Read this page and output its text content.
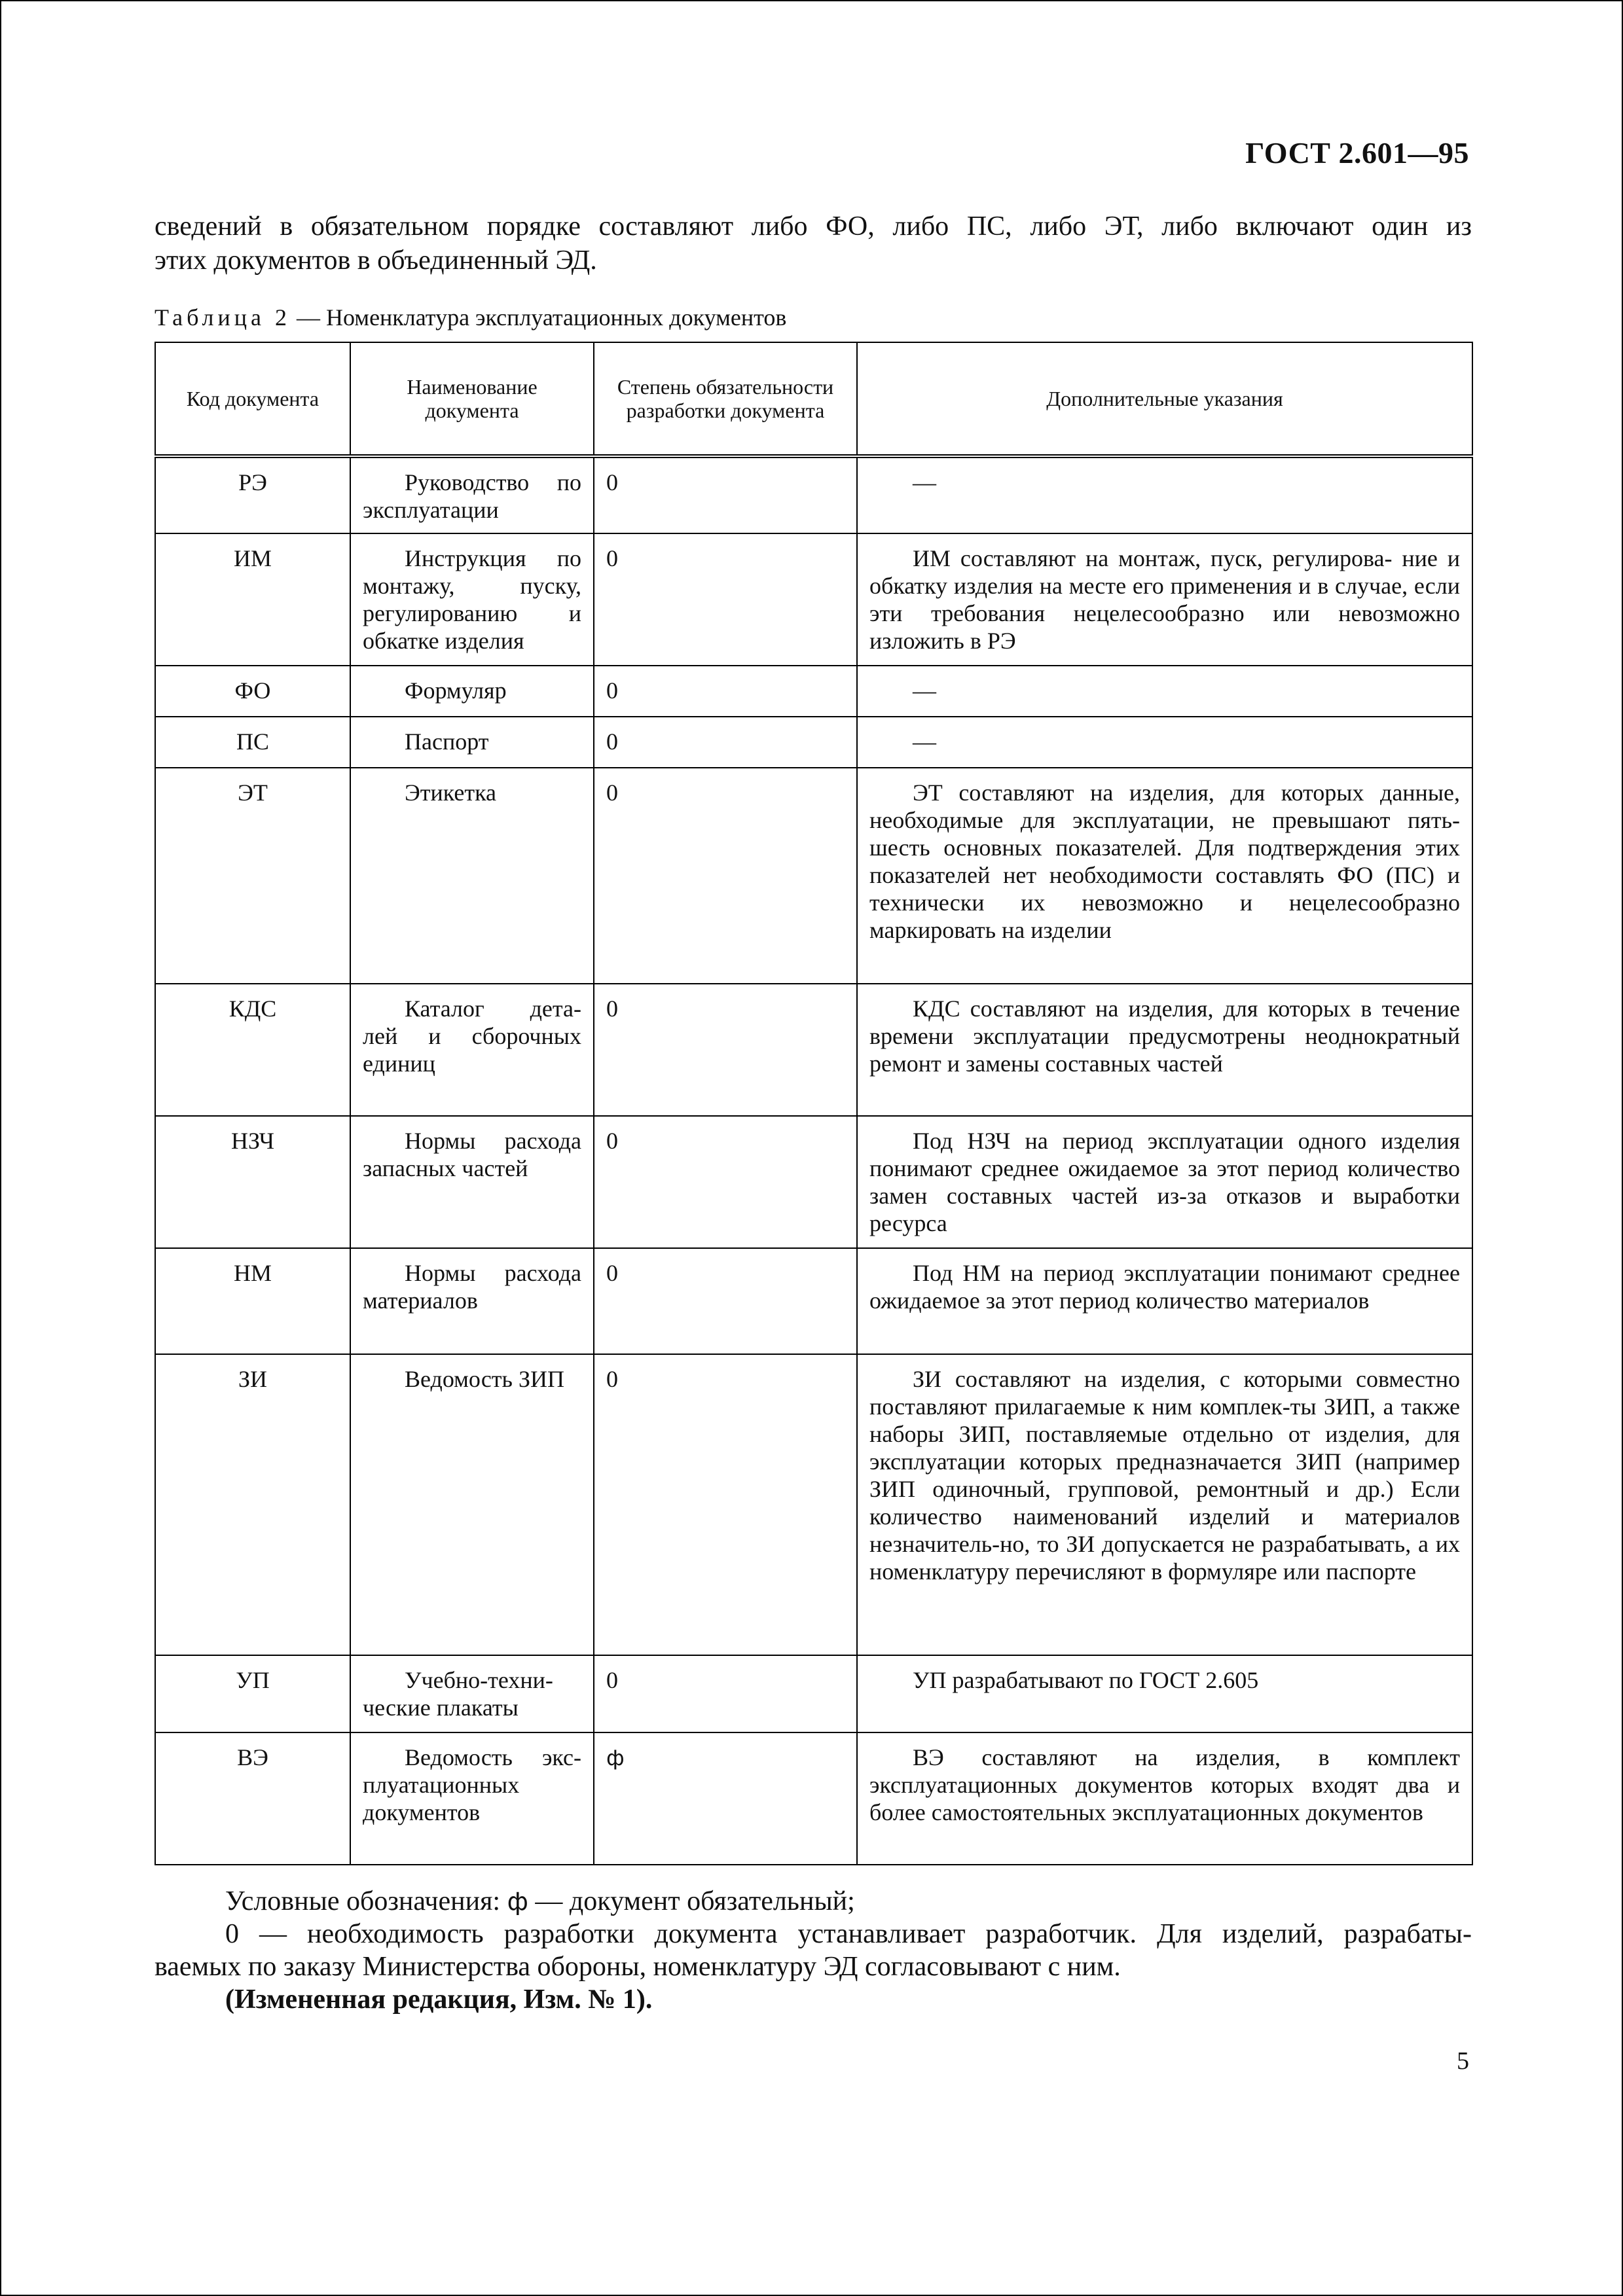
ГОСТ 2.601—95
сведений в обязательном порядке составляют либо ФО, либо ПС, либо ЭТ, либо включают один из
этих документов в объединенный ЭД.
Таблица 2 — Номенклатура эксплуатационных документов
Код документа	Наименование документа	Степень обязательности разработки документа	Дополнительные указания
РЭ	Руководство по эксплуатации	0	—
ИМ	Инструкция по монтажу, пуску, регулированию и обкатке изделия	0	ИМ составляют на монтаж, пуск, регулирова- ние и обкатку изделия на месте его применения и в случае, если эти требования нецелесообразно или невозможно изложить в РЭ
ФО	Формуляр	0	—
ПС	Паспорт	0	—
ЭТ	Этикетка	0	ЭТ составляют на изделия, для которых данные, необходимые для эксплуатации, не превышают пять-шесть основных показателей. Для подтверждения этих показателей нет необходимости составлять ФО (ПС) и технически их невозможно и нецелесообразно маркировать на изделии
КДС	Каталог дета- лей и сборочных единиц	0	КДС составляют на изделия, для которых в течение времени эксплуатации предусмотрены неоднократный ремонт и замены составных частей
НЗЧ	Нормы расхода запасных частей	0	Под НЗЧ на период эксплуатации одного изделия понимают среднее ожидаемое за этот период количество замен составных частей из-за отказов и выработки ресурса
НМ	Нормы расхода материалов	0	Под НМ на период эксплуатации понимают среднее ожидаемое за этот период количество материалов
ЗИ	Ведомость ЗИП	0	ЗИ составляют на изделия, с которыми совместно поставляют прилагаемые к ним комплек-ты ЗИП, а также наборы ЗИП, поставляемые отдельно от изделия, для эксплуатации которых предназначается ЗИП (например ЗИП одиночный, групповой, ремонтный и др.) Если количество наименований изделий и материалов незначитель-но, то ЗИ допускается не разрабатывать, а их номенклатуру перечисляют в формуляре или паспорте
УП	Учебно-техни- ческие плакаты	0	УП разрабатывают по ГОСТ 2.605
ВЭ	Ведомость экс- плуатационных документов	ф	ВЭ составляют на изделия, в комплект эксплуатационных документов которых входят два и более самостоятельных эксплуатационных документов
Условные обозначения: ф — документ обязательный;
0 — необходимость разработки документа устанавливает разработчик. Для изделий, разрабаты-
ваемых по заказу Министерства обороны, номенклатуру ЭД согласовывают с ним.
(Измененная редакция, Изм. № 1).
5
